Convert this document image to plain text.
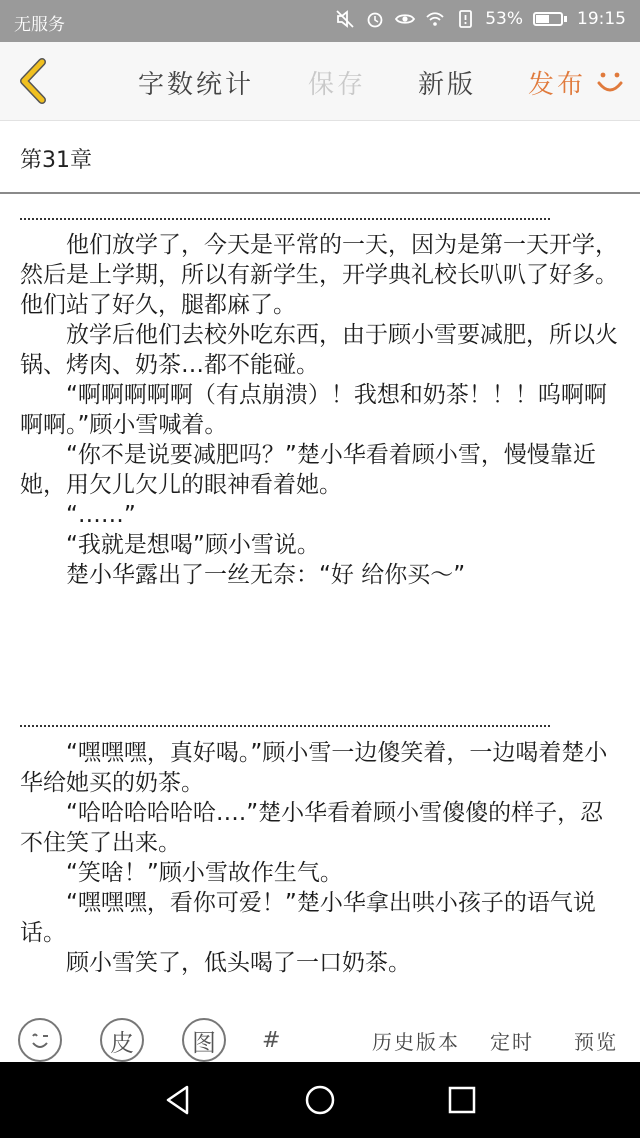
无服务	53%	19:15
字数统计 保存 新版 发布
第31章

　　他们放学了，今天是平常的一天，因为是第一天开学，然后是上学期，所以有新学生，开学典礼校长叭叭了好多。他们站了好久，腿都麻了。

　　放学后他们去校外吃东西，由于顾小雪要减肥，所以火锅、烤肉、奶茶…都不能碰。

　　“啊啊啊啊啊（有点崩溃）！我想和奶茶！！！呜啊啊啊啊。”顾小雪喊着。

　　“你不是说要减肥吗？”楚小华看着顾小雪，慢慢靠近她，用欠儿欠儿的眼神看着她。

　　“……”

　　“我就是想喝”顾小雪说。

　　楚小华露出了一丝无奈：“好 给你买～”

　　“嘿嘿嘿，真好喝。”顾小雪一边傻笑着，一边喝着楚小华给她买的奶茶。

　　“哈哈哈哈哈哈….”楚小华看着顾小雪傻傻的样子，忍不住笑了出来。

　　“笑啥！”顾小雪故作生气。

　　“嘿嘿嘿，看你可爱！”楚小华拿出哄小孩子的语气说话。

　　顾小雪笑了，低头喝了一口奶茶。

皮	图	#	历史版本 定时 预览
